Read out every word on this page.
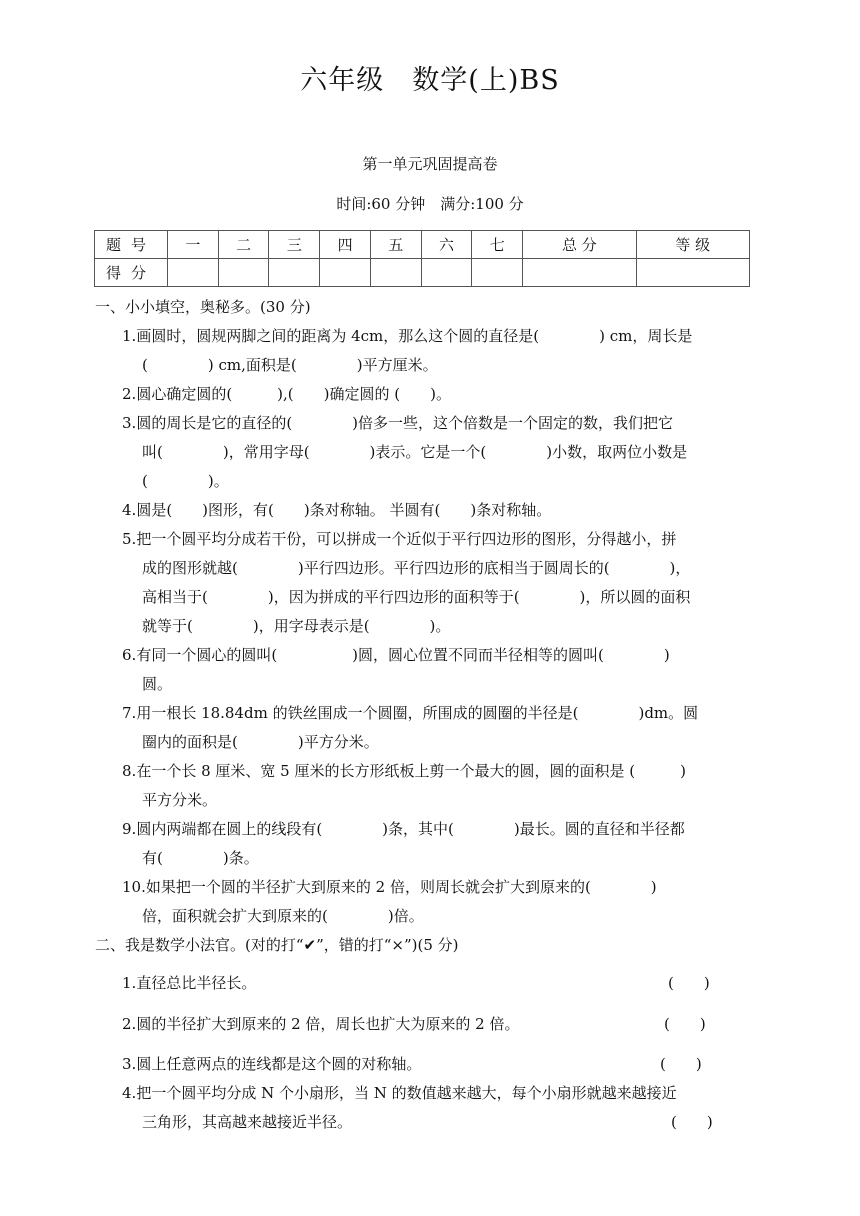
六年级　数学(上)BS
第一单元巩固提高卷
时间:60 分钟　满分:100 分
题号	一	二	三	四	五	六	七	总 分	等 级
得分									
一、小小填空，奥秘多。(30 分)
1.画圆时，圆规两脚之间的距离为 4cm，那么这个圆的直径是(　　　　) cm，周长是
(　　　　) cm,面积是(　　　　)平方厘米。
2.圆心确定圆的(　　　),(　　)确定圆的 (　　)。
3.圆的周长是它的直径的(　　　　)倍多一些，这个倍数是一个固定的数，我们把它
叫(　　　　)，常用字母(　　　　)表示。它是一个(　　　　)小数，取两位小数是
(　　　　)。
4.圆是(　　)图形，有(　　)条对称轴。 半圆有(　　)条对称轴。
5.把一个圆平均分成若干份，可以拼成一个近似于平行四边形的图形，分得越小，拼
成的图形就越(　　　　)平行四边形。平行四边形的底相当于圆周长的(　　　　)，
高相当于(　　　　)，因为拼成的平行四边形的面积等于(　　　　)，所以圆的面积
就等于(　　　　)，用字母表示是(　　　　)。
6.有同一个圆心的圆叫(　　　　　)圆，圆心位置不同而半径相等的圆叫(　　　　)
圆。
7.用一根长 18.84dm 的铁丝围成一个圆圈，所围成的圆圈的半径是(　　　　)dm。圆
圈内的面积是(　　　　)平方分米。
8.在一个长 8 厘米、宽 5 厘米的长方形纸板上剪一个最大的圆，圆的面积是 (　　　)
平方分米。
9.圆内两端都在圆上的线段有(　　　　)条，其中(　　　　)最长。圆的直径和半径都
有(　　　　)条。
10.如果把一个圆的半径扩大到原来的 2 倍，则周长就会扩大到原来的(　　　　)
倍，面积就会扩大到原来的(　　　　)倍。
二、我是数学小法官。(对的打“✔”，错的打“×”)(5 分)
1.直径总比半径长。	(　　)
2.圆的半径扩大到原来的 2 倍，周长也扩大为原来的 2 倍。	(　　)
3.圆上任意两点的连线都是这个圆的对称轴。	(　　)
4.把一个圆平均分成 N 个小扇形，当 N 的数值越来越大，每个小扇形就越来越接近
三角形，其高越来越接近半径。	(　　)
